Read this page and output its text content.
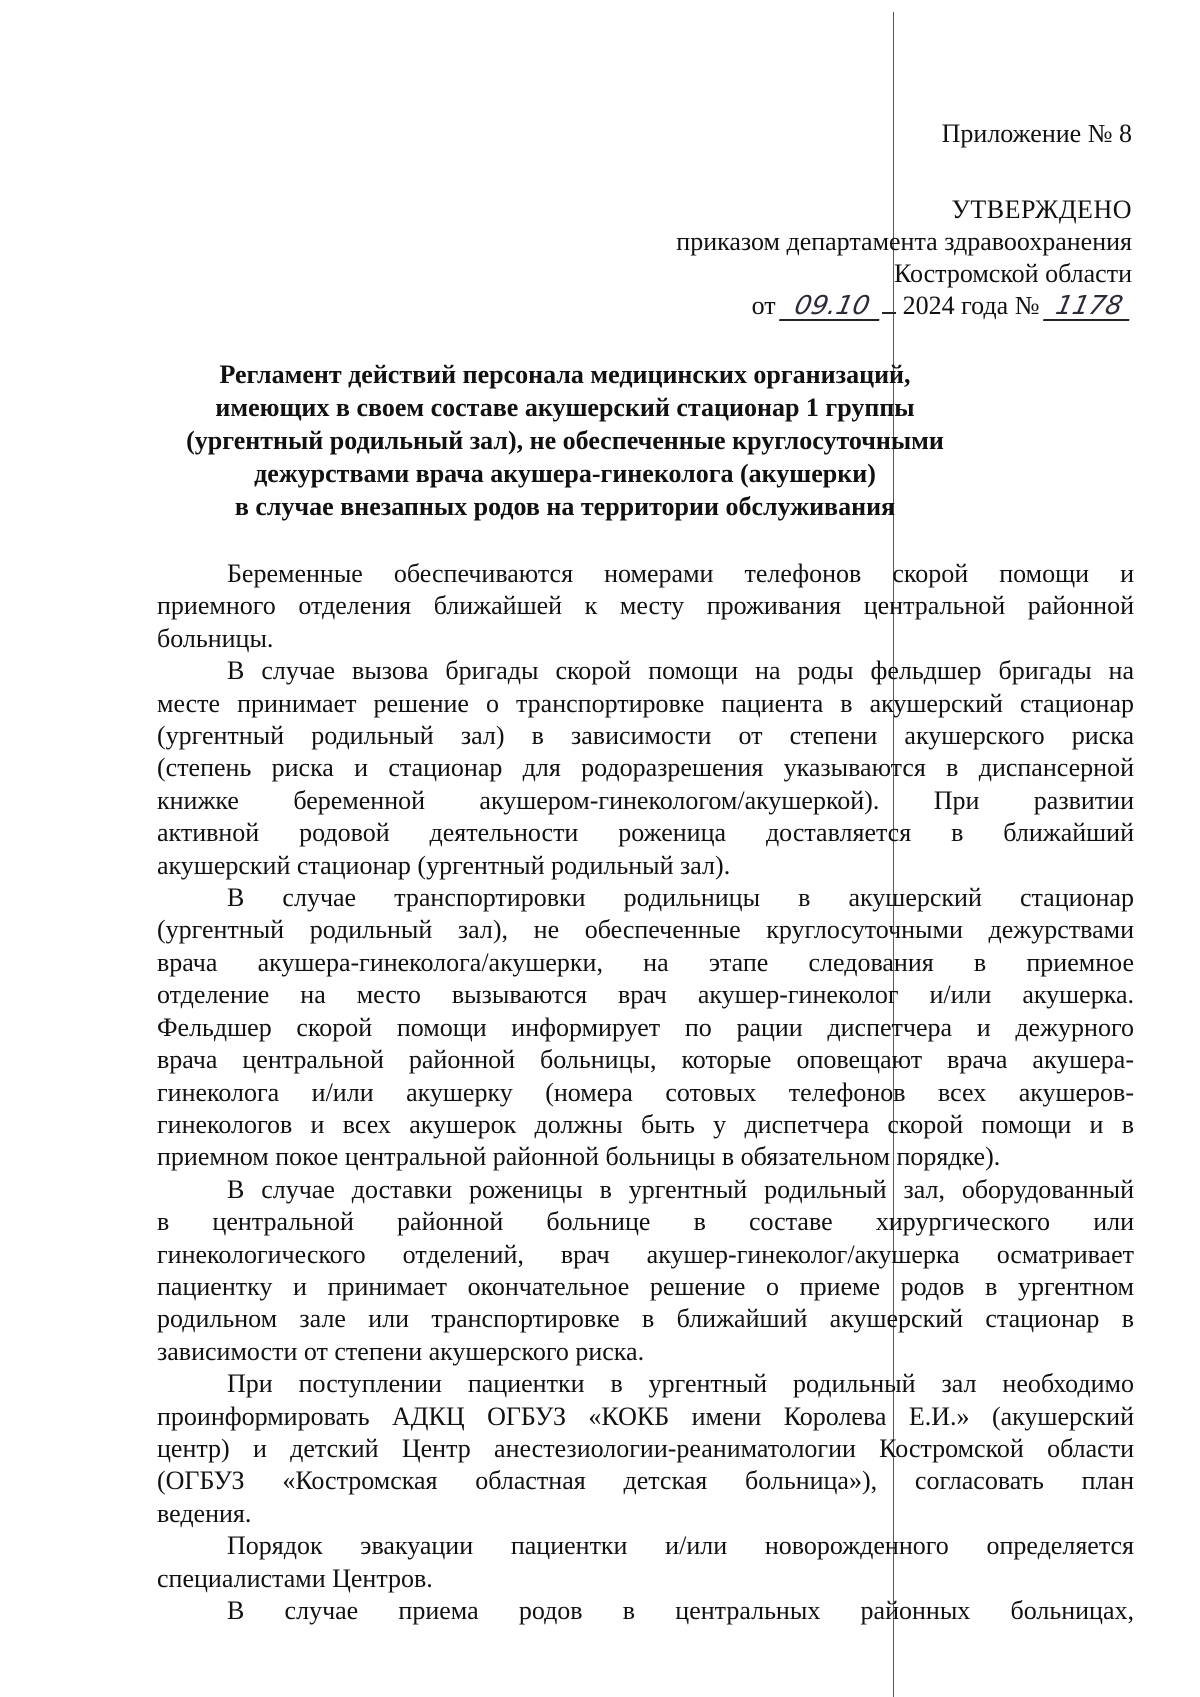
Приложение № 8
УТВЕРЖДЕНО
приказом департамента здравоохранения
Костромской области
от 09.10 2024 года № 1178
Регламент действий персонала медицинских организаций,
имеющих в своем составе акушерский стационар 1 группы
(ургентный родильный зал), не обеспеченные круглосуточными
дежурствами врача акушера-гинеколога (акушерки)
в случае внезапных родов на территории обслуживания

Беременные обеспечиваются номерами телефонов скорой помощи и
приемного отделения ближайшей к месту проживания центральной районной
больницы.

В случае вызова бригады скорой помощи на роды фельдшер бригады на
месте принимает решение о транспортировке пациента в акушерский стационар
(ургентный родильный зал) в зависимости от степени акушерского риска
(степень риска и стационар для родоразрешения указываются в диспансерной
книжке беременной акушером-гинекологом/акушеркой). При развитии
активной родовой деятельности роженица доставляется в ближайший
акушерский стационар (ургентный родильный зал).

В случае транспортировки родильницы в акушерский стационар
(ургентный родильный зал), не обеспеченные круглосуточными дежурствами
врача акушера-гинеколога/акушерки, на этапе следования в приемное
отделение на место вызываются врач акушер-гинеколог и/или акушерка.
Фельдшер скорой помощи информирует по рации диспетчера и дежурного
врача центральной районной больницы, которые оповещают врача акушера-
гинеколога и/или акушерку (номера сотовых телефонов всех акушеров-
гинекологов и всех акушерок должны быть у диспетчера скорой помощи и в
приемном покое центральной районной больницы в обязательном порядке).

В случае доставки роженицы в ургентный родильный зал, оборудованный
в центральной районной больнице в составе хирургического или
гинекологического отделений, врач акушер-гинеколог/акушерка осматривает
пациентку и принимает окончательное решение о приеме родов в ургентном
родильном зале или транспортировке в ближайший акушерский стационар в
зависимости от степени акушерского риска.

При поступлении пациентки в ургентный родильный зал необходимо
проинформировать АДКЦ ОГБУЗ «КОКБ имени Королева Е.И.» (акушерский
центр) и детский Центр анестезиологии-реаниматологии Костромской области
(ОГБУЗ «Костромская областная детская больница»), согласовать план
ведения.

Порядок эвакуации пациентки и/или новорожденного определяется
специалистами Центров.

В случае приема родов в центральных районных больницах,
